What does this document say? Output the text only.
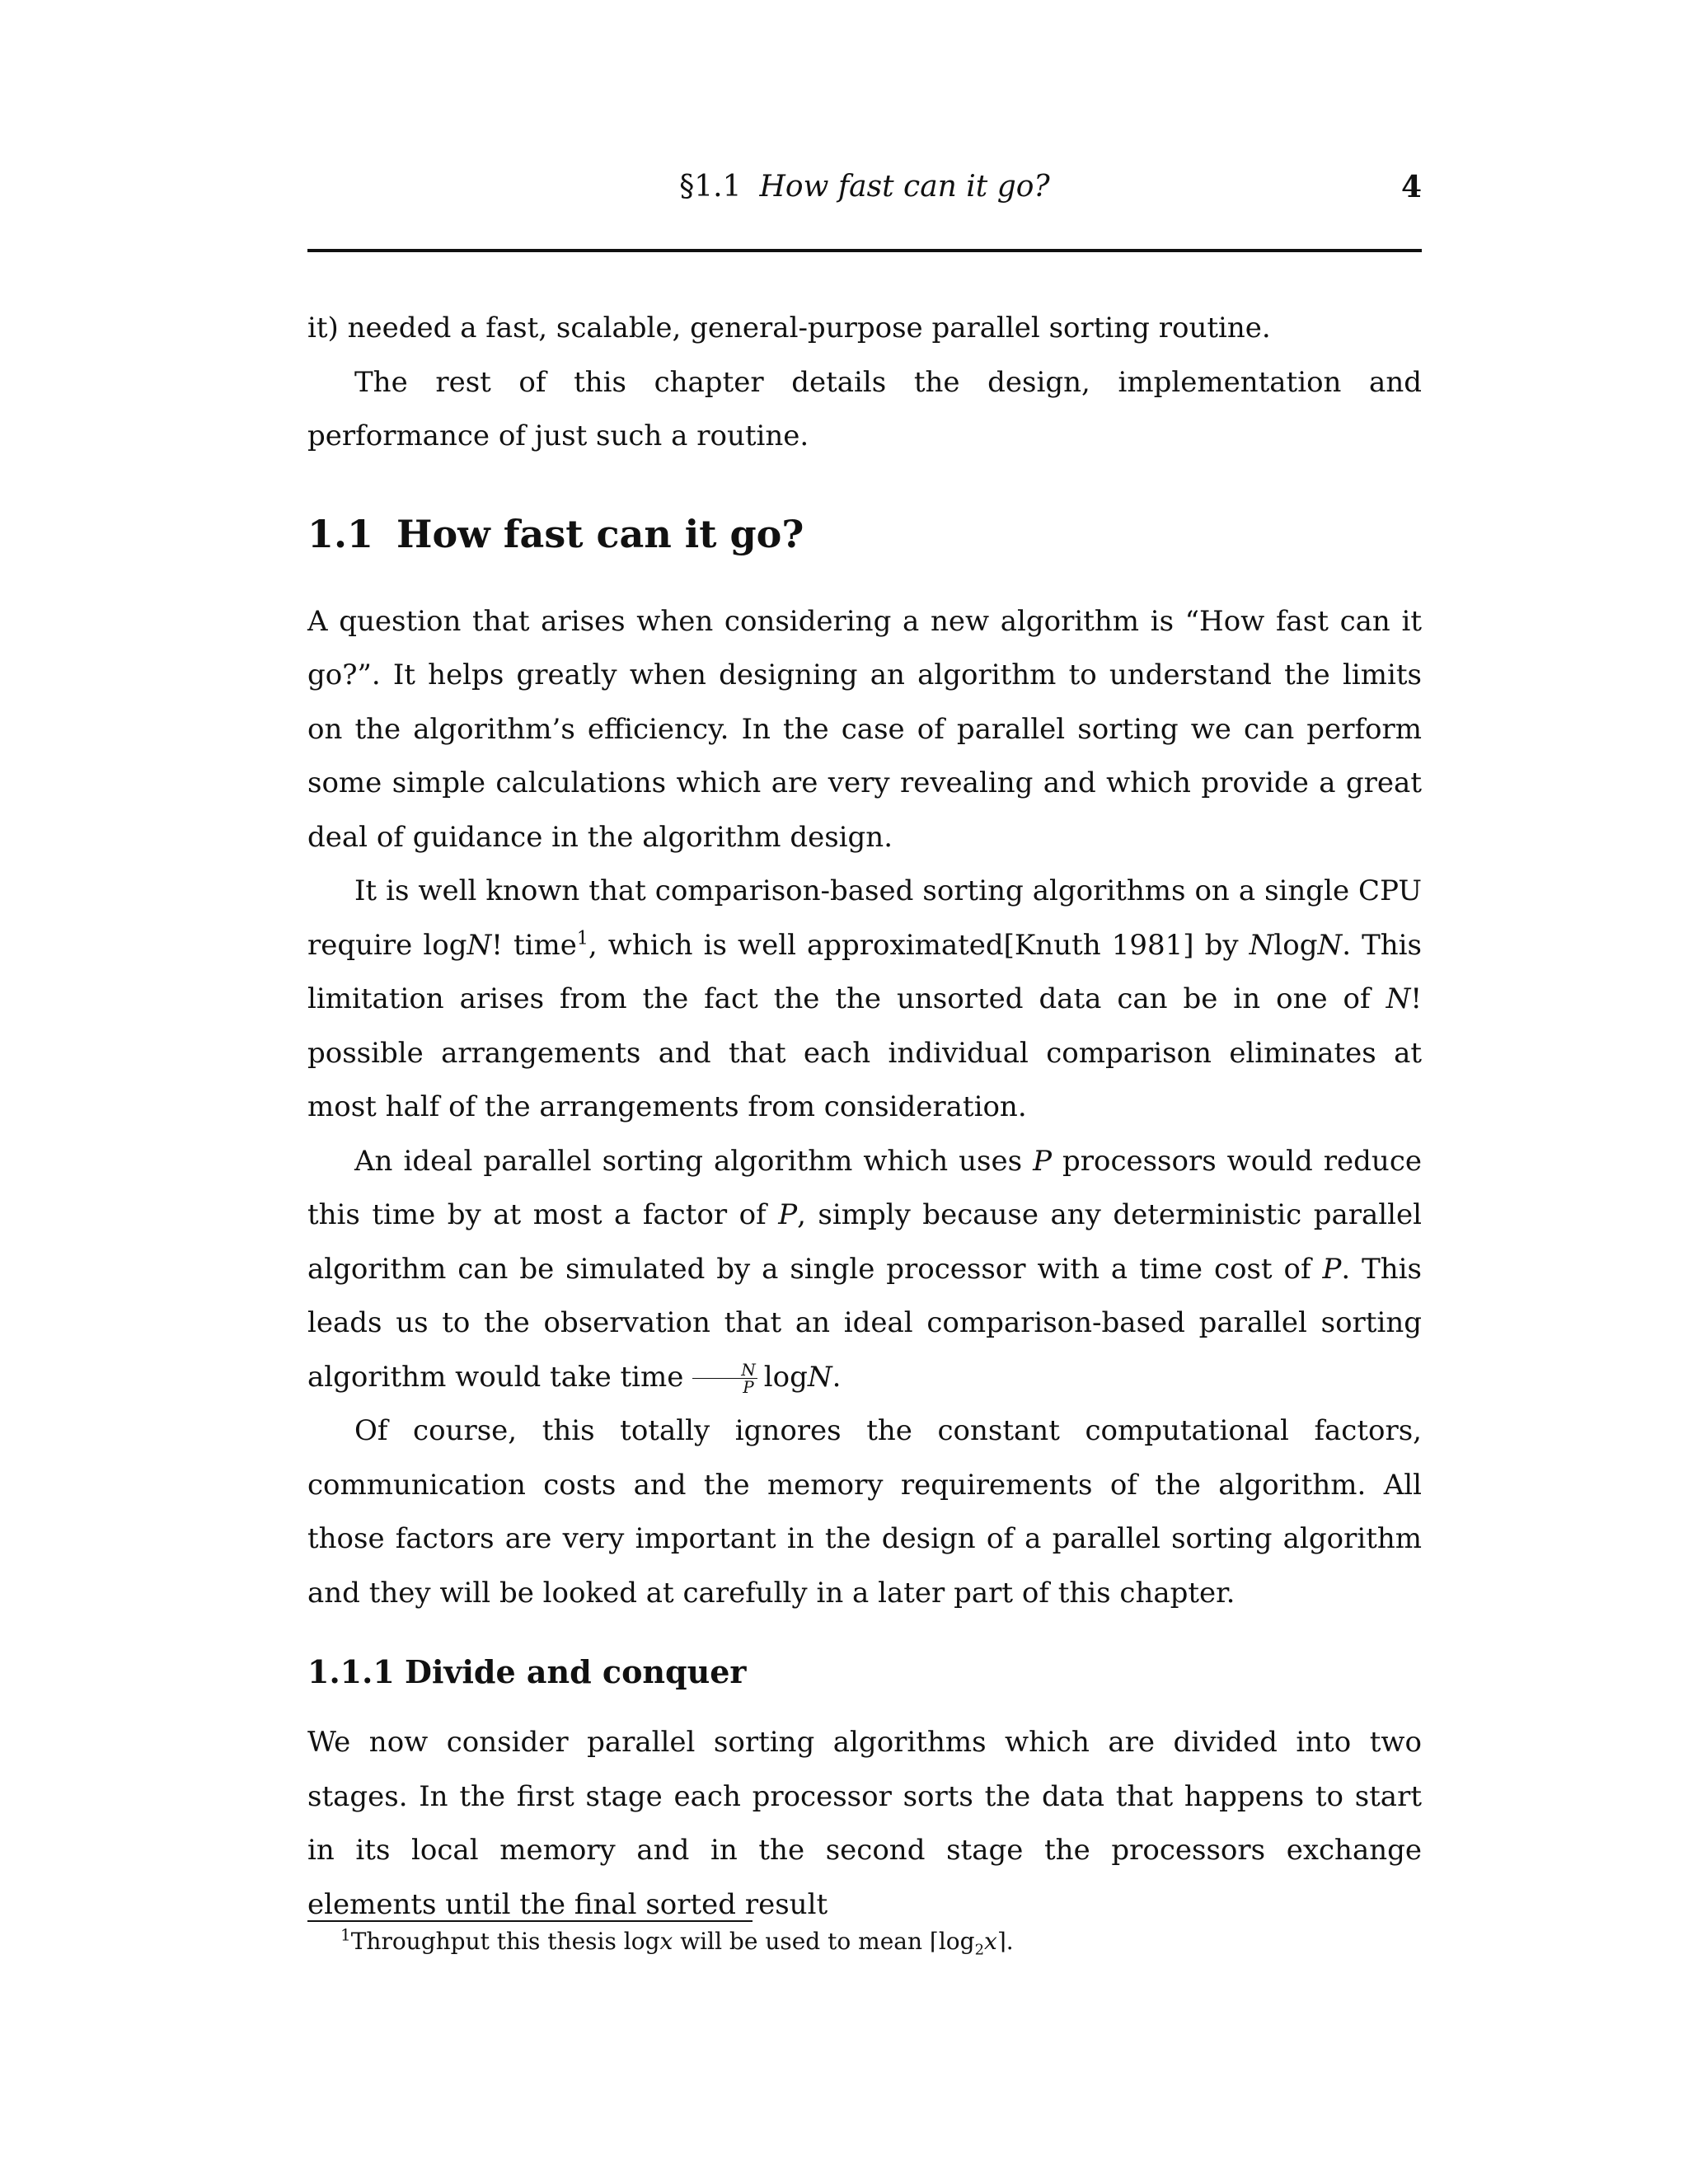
§1.1 How fast can it go?	4

it) needed a fast, scalable, general-purpose parallel sorting routine.

The rest of this chapter details the design, implementation and performance of just such a routine.

1.1 How fast can it go?

A question that arises when considering a new algorithm is “How fast can it go?”. It helps greatly when designing an algorithm to understand the limits on the algorithm’s efficiency. In the case of parallel sorting we can perform some simple calculations which are very revealing and which provide a great deal of guidance in the algorithm design.

It is well known that comparison-based sorting algorithms on a single CPU require logN! time$^1$, which is well approximated[Knuth 1981] by NlogN. This limitation arises from the fact the the unsorted data can be in one of N! possible arrangements and that each individual comparison eliminates at most half of the arrangements from consideration.

An ideal parallel sorting algorithm which uses P processors would reduce this time by at most a factor of P, simply because any deterministic parallel algorithm can be simulated by a single processor with a time cost of P. This leads us to the observation that an ideal comparison-based parallel sorting algorithm would take time $\frac{N}{P} \log N$.

Of course, this totally ignores the constant computational factors, communication costs and the memory requirements of the algorithm. All those factors are very important in the design of a parallel sorting algorithm and they will be looked at carefully in a later part of this chapter.

1.1.1 Divide and conquer

We now consider parallel sorting algorithms which are divided into two stages. In the first stage each processor sorts the data that happens to start in its local memory and in the second stage the processors exchange elements until the final sorted result

$^1$Throughput this thesis logx will be used to mean $⌈\log_2x⌉$.
